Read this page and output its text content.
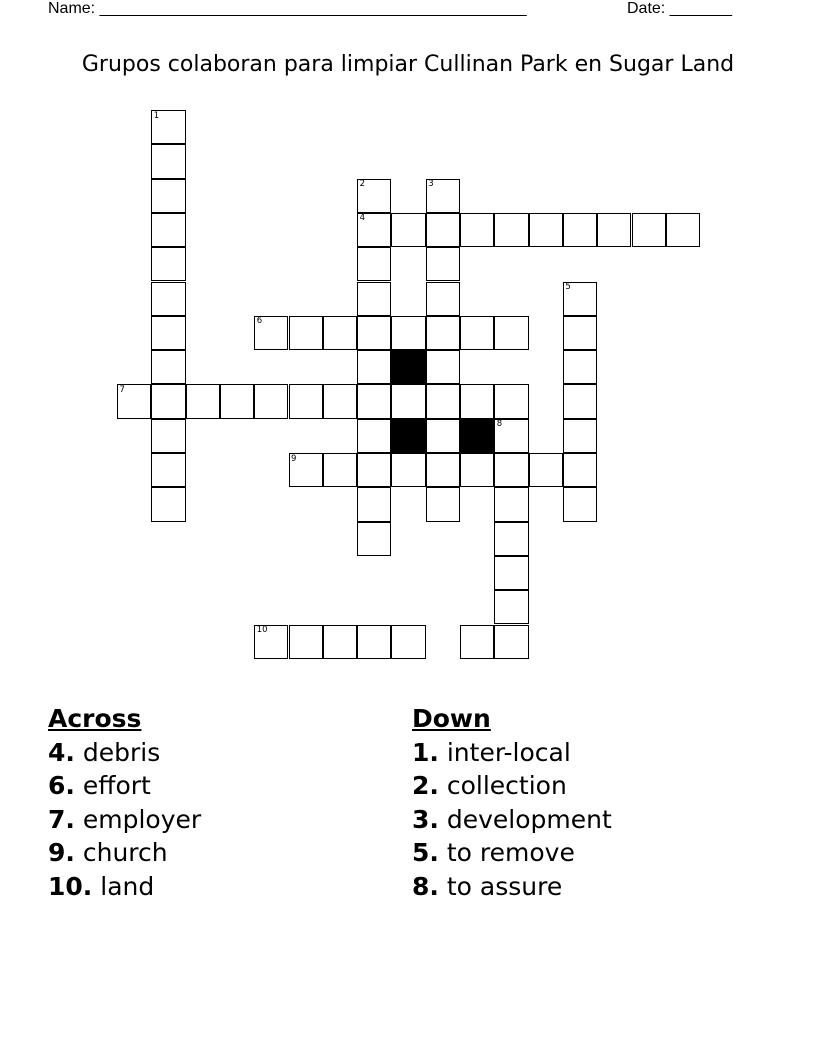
Name: ________________________________________________	Date: _______
Grupos colaboran para limpiar Cullinan Park en Sugar Land
1
2	3
4
5
6
7
8
9
10
Across
4. debris
6. effort
7. employer
9. church
10. land
Down
1. inter-local
2. collection
3. development
5. to remove
8. to assure
